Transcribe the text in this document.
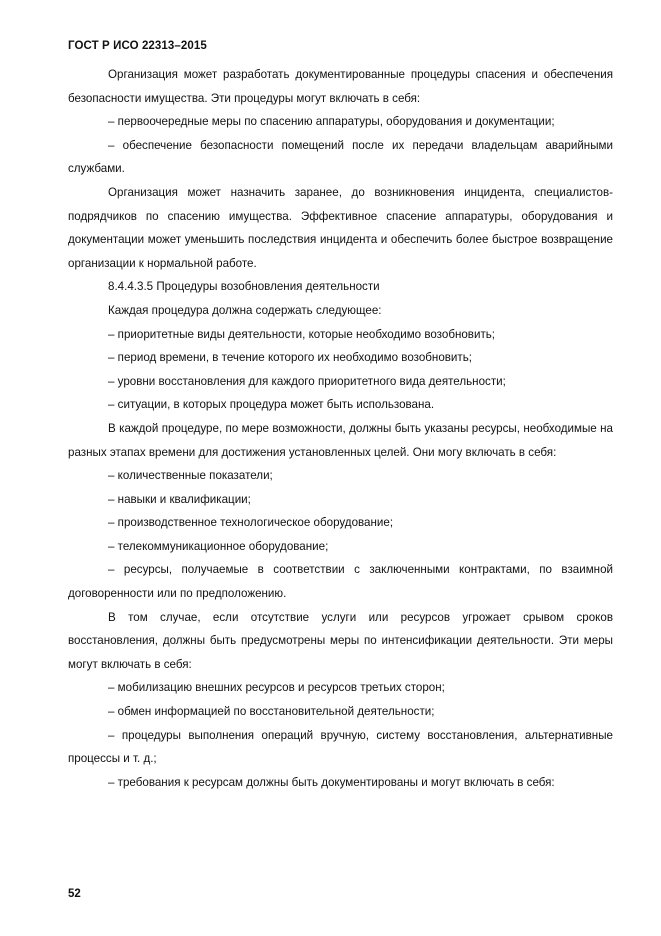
ГОСТ Р ИСО 22313–2015

Организация может разработать документированные процедуры спасения и обеспечения безопасности имущества. Эти процедуры могут включать в себя:

– первоочередные меры по спасению аппаратуры, оборудования и документации;

– обеспечение безопасности помещений после их передачи владельцам аварийными службами.

Организация может назначить заранее, до возникновения инцидента, специалистов-подрядчиков по спасению имущества. Эффективное спасение аппаратуры, оборудования и документации может уменьшить последствия инцидента и обеспечить более быстрое возвращение организации к нормальной работе.

8.4.4.3.5 Процедуры возобновления деятельности

Каждая процедура должна содержать следующее:

– приоритетные виды деятельности, которые необходимо возобновить;

– период времени, в течение которого их необходимо возобновить;

– уровни восстановления для каждого приоритетного вида деятельности;

– ситуации, в которых процедура может быть использована.

В каждой процедуре, по мере возможности, должны быть указаны ресурсы, необходимые на разных этапах времени для достижения установленных целей. Они могу включать в себя:

– количественные показатели;

– навыки и квалификации;

– производственное технологическое оборудование;

– телекоммуникационное оборудование;

– ресурсы, получаемые в соответствии с заключенными контрактами, по взаимной договоренности или по предположению.

В том случае, если отсутствие услуги или ресурсов угрожает срывом сроков восстановления, должны быть предусмотрены меры по интенсификации деятельности. Эти меры могут включать в себя:

– мобилизацию внешних ресурсов и ресурсов третьих сторон;

– обмен информацией по восстановительной деятельности;

– процедуры выполнения операций вручную, систему восстановления, альтернативные процессы и т. д.;

– требования к ресурсам должны быть документированы и могут включать в себя:

52
